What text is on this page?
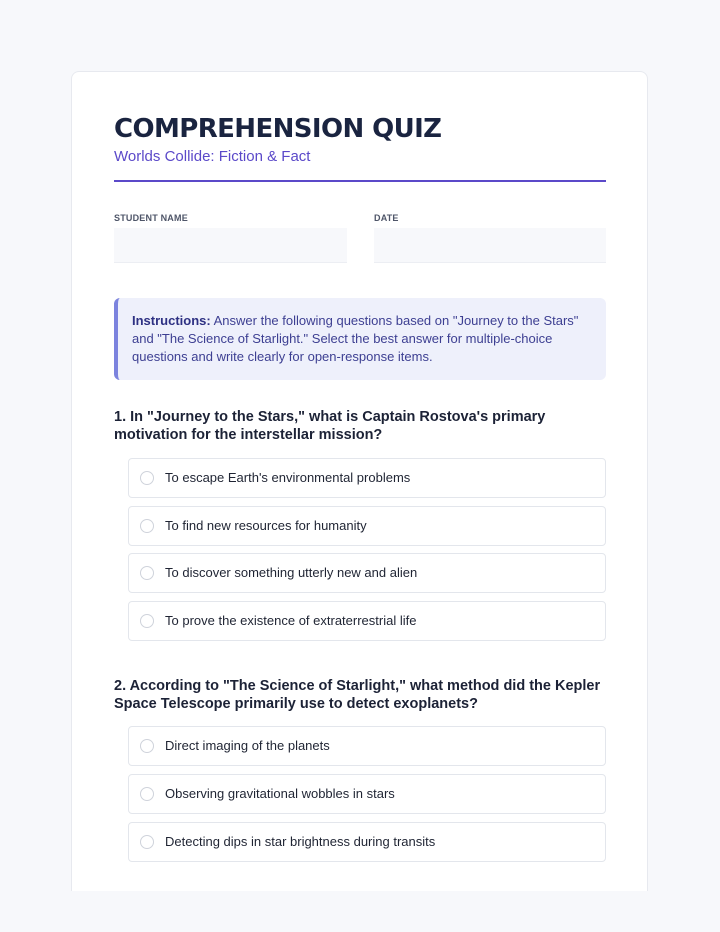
COMPREHENSION QUIZ
Worlds Collide: Fiction & Fact
STUDENT NAME	DATE
Instructions: Answer the following questions based on "Journey to the Stars" and "The Science of Starlight." Select the best answer for multiple-choice questions and write clearly for open-response items.
1. In "Journey to the Stars," what is Captain Rostova's primary motivation for the interstellar mission?
To escape Earth's environmental problems
To find new resources for humanity
To discover something utterly new and alien
To prove the existence of extraterrestrial life
2. According to "The Science of Starlight," what method did the Kepler Space Telescope primarily use to detect exoplanets?
Direct imaging of the planets
Observing gravitational wobbles in stars
Detecting dips in star brightness during transits
